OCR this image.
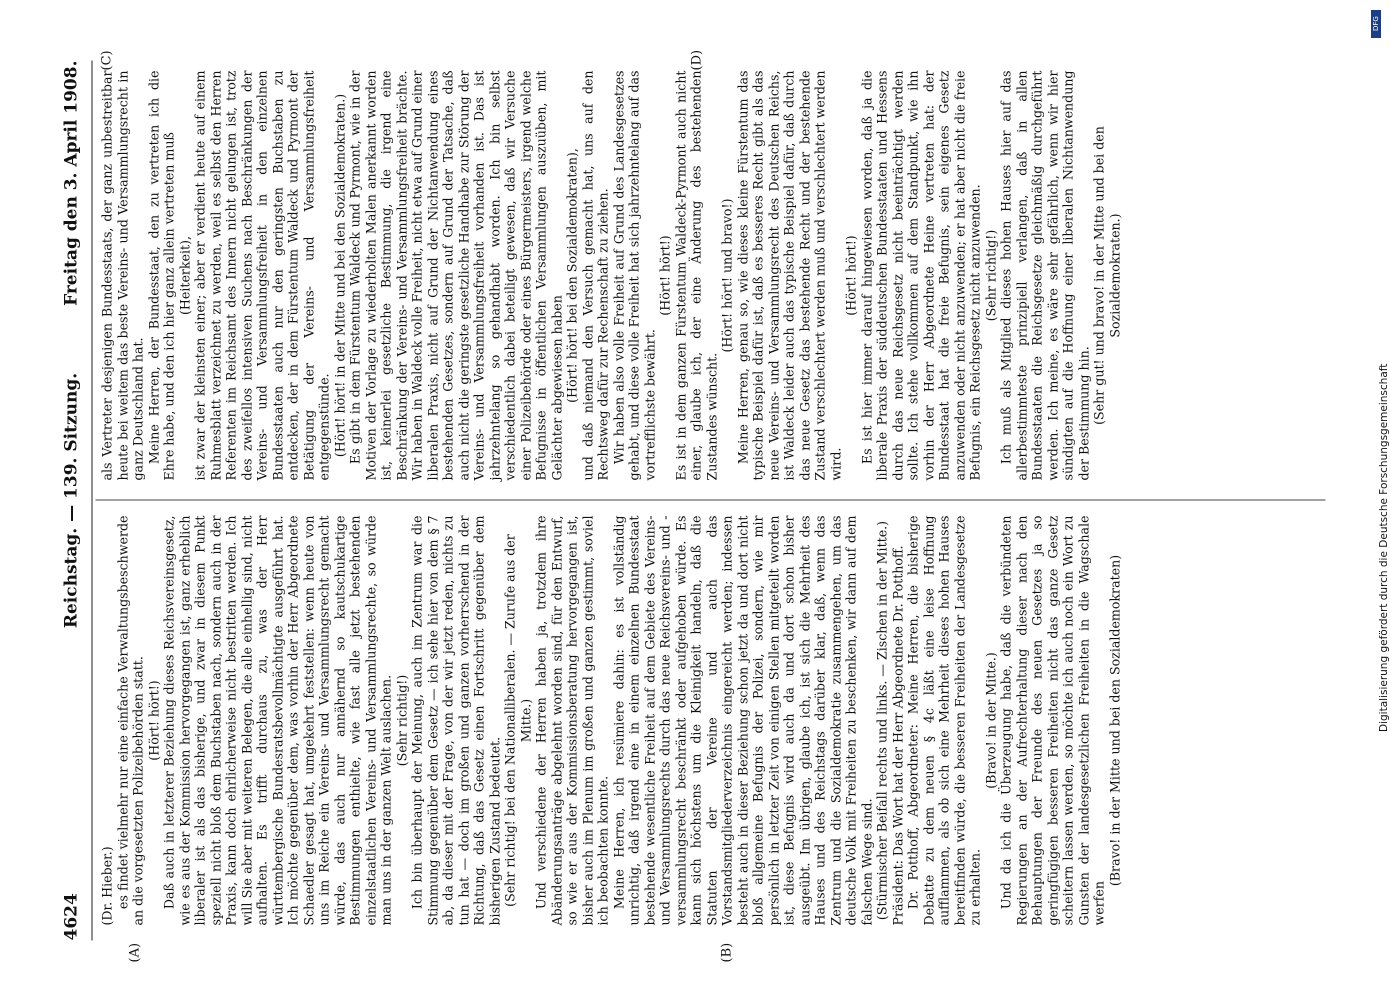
4624
Reichstag. — 139. Sitzung.
Freitag den 3. April 1908.
(A)	(B)
(C)	(D)

(Dr. Hieber.) es findet vielmehr nur eine einfache Verwaltungsbeschwerde an die vorgesetzten Polizeibehörden statt. (Hört! hört!) Daß auch in letzterer Beziehung dieses Reichsvereinsgesetz, wie es aus der Kommission hervorgegangen ist, ganz erheblich liberaler ist als das bisherige, und zwar in diesem Punkt speziell nicht bloß dem Buchstaben nach, sondern auch in der Praxis, kann doch ehrlicherweise nicht bestritten werden. Ich will Sie aber mit weiteren Belegen, die alle einhellig sind, nicht aufhalten. Es trifft durchaus zu, was der Herr württembergische Bundesratsbevollmächtigte ausgeführt hat. Ich möchte gegenüber dem, was vorhin der Herr Abgeordnete Schaedler gesagt hat, umgekehrt feststellen: wenn heute von uns im Reiche ein Vereins- und Versammlungsrecht gemacht würde, das auch nur annähernd so kautschukartige Bestimmungen enthielte, wie fast alle jetzt bestehenden einzelstaatlichen Vereins- und Versammlungsrechte, so würde man uns in der ganzen Welt auslachen. (Sehr richtig!) Ich bin überhaupt der Meinung, auch im Zentrum war die Stimmung gegenüber dem Gesetz — ich sehe hier von dem § 7 ab, da dieser mit der Frage, von der wir jetzt reden, nichts zu tun hat — doch im großen und ganzen vorherrschend in der Richtung, daß das Gesetz einen Fortschritt gegenüber dem bisherigen Zustand bedeutet. (Sehr richtig! bei den Nationalliberalen. — Zurufe aus der Mitte.) Und verschiedene der Herren haben ja, trotzdem ihre Abänderungsanträge abgelehnt worden sind, für den Entwurf, so wie er aus der Kommissionsberatung hervorgegangen ist, bisher auch im Plenum im großen und ganzen gestimmt, soviel ich beobachten konnte. Meine Herren, ich resümiere dahin: es ist vollständig unrichtig, daß irgend eine in einem einzelnen Bundesstaat bestehende wesentliche Freiheit auf dem Gebiete des Vereins- und Versammlungsrechts durch das neue Reichsvereins- und -versammlungsrecht beschränkt oder aufgehoben würde. Es kann sich höchstens um die Kleinigkeit handeln, daß die Statuten der Vereine und auch das Vorstandsmitgliederverzeichnis eingereicht werden; indessen besteht auch in dieser Beziehung schon jetzt da und dort nicht bloß allgemeine Befugnis der Polizei, sondern, wie mir persönlich in letzter Zeit von einigen Stellen mitgeteilt worden ist, diese Befugnis wird auch da und dort schon bisher ausgeübt. Im übrigen, glaube ich, ist sich die Mehrheit des Hauses und des Reichstags darüber klar, daß, wenn das Zentrum und die Sozialdemokratie zusammengehen, um das deutsche Volk mit Freiheiten zu beschenken, wir dann auf dem falschen Wege sind. (Stürmischer Beifall rechts und links. — Zischen in der Mitte.) Präsident: Das Wort hat der Herr Abgeordnete Dr. Potthoff. Dr. Potthoff, Abgeordneter: Meine Herren, die bisherige Debatte zu dem neuen § 4c läßt eine leise Hoffnung aufflammen, als ob sich eine Mehrheit dieses hohen Hauses bereitfinden würde, die besseren Freiheiten der Landesgesetze zu erhalten.

(Bravo! in der Mitte.) Und da ich die Überzeugung habe, daß die verbündeten Regierungen an der Aufrechterhaltung dieser nach den Behauptungen der Freunde des neuen Gesetzes ja so geringfügigen besseren Freiheiten nicht das ganze Gesetz scheitern lassen werden, so möchte ich auch noch ein Wort zu Gunsten der landesgesetzlichen Freiheiten in die Wagschale werfen

(Bravo! in der Mitte und bei den Sozialdemokraten)

als Vertreter desjenigen Bundesstaats, der ganz unbestreitbar heute bei weitem das beste Vereins- und Versammlungsrecht in ganz Deutschland hat. Meine Herren, der Bundesstaat, den zu vertreten ich die Ehre habe, und den ich hier ganz allein vertreten muß (Heiterkeit), ist zwar der kleinsten einer; aber er verdient heute auf einem Ruhmesblatt verzeichnet zu werden, weil es selbst den Herren Referenten im Reichsamt des Innern nicht gelungen ist, trotz des zweifellos intensiven Suchens nach Beschränkungen der Vereins- und Versammlungsfreiheit in den einzelnen Bundesstaaten auch nur den geringsten Buchstaben zu entdecken, der in dem Fürstentum Waldeck und Pyrmont der Betätigung der Vereins- und Versammlungsfreiheit entgegenstünde. (Hört! hört! in der Mitte und bei den Sozialdemokraten.) Es gibt in dem Fürstentum Waldeck und Pyrmont, wie in der Motiven der Vorlage zu wiederholten Malen anerkannt worden ist, keinerlei gesetzliche Bestimmung, die irgend eine Beschränkung der Vereins- und Versammlungsfreiheit brächte. Wir haben in Waldeck volle Freiheit, nicht etwa auf Grund einer liberalen Praxis, nicht auf Grund der Nichtanwendung eines bestehenden Gesetzes, sondern auf Grund der Tatsache, daß auch nicht die geringste gesetzliche Handhabe zur Störung der Vereins- und Versammlungsfreiheit vorhanden ist. Das ist jahrzehntelang so gehandhabt worden. Ich bin selbst verschiedentlich dabei beteiligt gewesen, daß wir Versuche einer Polizeibehörde oder eines Bürgermeisters, irgend welche Befugnisse in öffentlichen Versammlungen auszuüben, mit Gelächter abgewiesen haben (Hört! hört! bei den Sozialdemokraten), und daß niemand den Versuch gemacht hat, uns auf den Rechtsweg dafür zur Rechenschaft zu ziehen. Wir haben also volle Freiheit auf Grund des Landesgesetzes gehabt, und diese volle Freiheit hat sich jahrzehntelang auf das vortrefflichste bewährt.

(Hört! hört!) Es ist in dem ganzen Fürstentum Waldeck-Pyrmont auch nicht einer, glaube ich, der eine Änderung des bestehenden Zustandes wünscht.

(Hört! hört! und bravo!) Meine Herren, genau so, wie dieses kleine Fürstentum das typische Beispiel dafür ist, daß es besseres Recht gibt als das neue Vereins- und Versammlungsrecht des Deutschen Reichs, ist Waldeck leider auch das typische Beispiel dafür, daß durch das neue Gesetz das bestehende Recht und der bestehende Zustand verschlechtert werden muß und verschlechtert werden wird.

(Hört! hört!) Es ist hier immer darauf hingewiesen worden, daß ja die liberale Praxis der süddeutschen Bundesstaaten und Hessens durch das neue Reichsgesetz nicht beeinträchtigt werden sollte. Ich stehe vollkommen auf dem Standpunkt, wie ihn vorhin der Herr Abgeordnete Heine vertreten hat: der Bundesstaat hat die freie Befugnis, sein eigenes Gesetz anzuwenden oder nicht anzuwenden; er hat aber nicht die freie Befugnis, ein Reichsgesetz nicht anzuwenden. (Sehr richtig!) Ich muß als Mitglied dieses hohen Hauses hier auf das allerbestimmteste prinzipiell verlangen, daß in allen Bundesstaaten die Reichsgesetze gleichmäßig durchgeführt werden. Ich meine, es wäre sehr gefährlich, wenn wir hier sündigten auf die Hoffnung einer liberalen Nichtanwendung der Bestimmung hin. (Sehr gut! und bravo! in der Mitte und bei den Sozialdemokraten.)

Digitalisierung gefördert durch die Deutsche Forschungsgemeinschaft
DFG
